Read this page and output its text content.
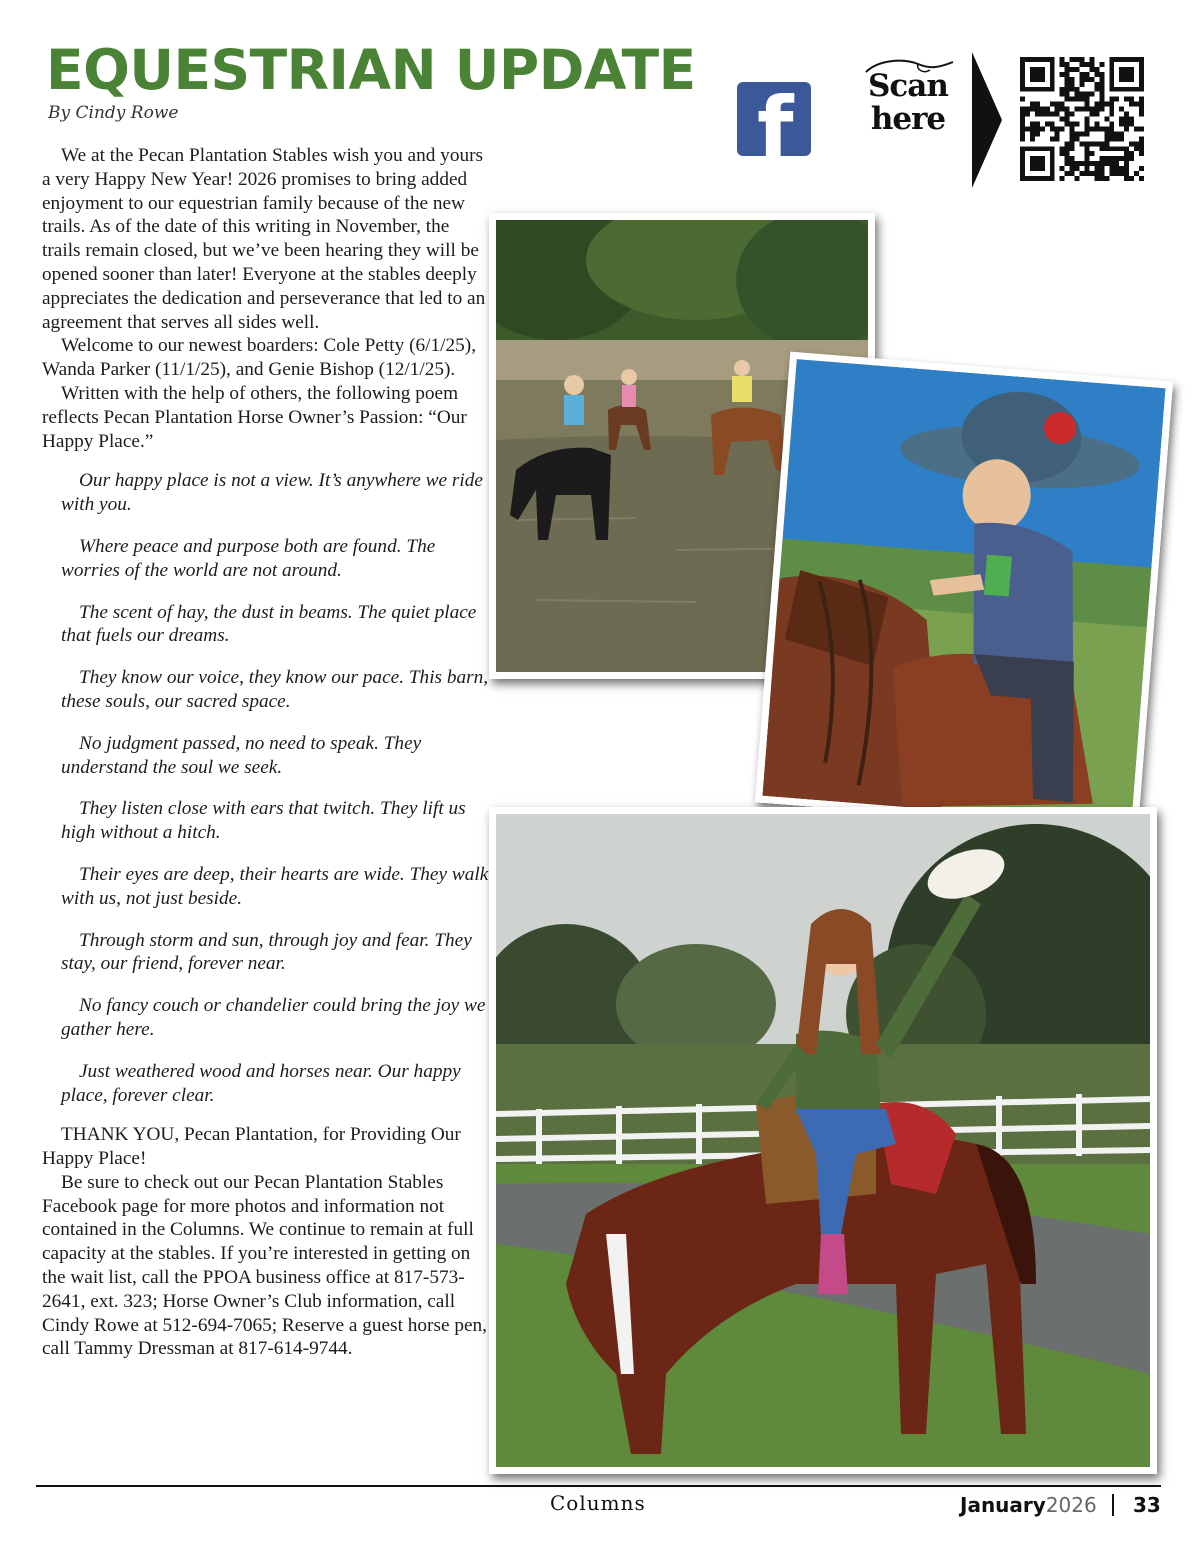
EQUESTRIAN UPDATE
By Cindy Rowe	f	Scan
here

We at the Pecan Plantation Stables wish you and yours a very Happy New Year! 2026 promises to bring added enjoyment to our equestrian family because of the new trails. As of the date of this writing in November, the trails remain closed, but we’ve been hearing they will be opened sooner than later! Everyone at the stables deeply appreciates the dedication and perseverance that led to an agreement that serves all sides well.

Welcome to our newest boarders: Cole Petty (6/1/25), Wanda Parker (11/1/25), and Genie Bishop (12/1/25).

Written with the help of others, the following poem reflects Pecan Plantation Horse Owner’s Passion: “Our Happy Place.”

Our happy place is not a view. It’s anywhere we ride with you.

Where peace and purpose both are found. The worries of the world are not around.

The scent of hay, the dust in beams. The quiet place that fuels our dreams.

They know our voice, they know our pace. This barn, these souls, our sacred space.

No judgment passed, no need to speak. They understand the soul we seek.

They listen close with ears that twitch. They lift us high without a hitch.

Their eyes are deep, their hearts are wide. They walk with us, not just beside.

Through storm and sun, through joy and fear. They stay, our friend, forever near.

No fancy couch or chandelier could bring the joy we gather here.

Just weathered wood and horses near. Our happy place, forever clear.

THANK YOU, Pecan Plantation, for Providing Our Happy Place!

Be sure to check out our Pecan Plantation Stables Facebook page for more photos and information not contained in the Columns. We continue to remain at full capacity at the stables. If you’re interested in getting on the wait list, call the PPOA business office at 817-573-2641, ext. 323; Horse Owner’s Club information, call Cindy Rowe at 512-694-7065; Reserve a guest horse pen, call Tammy Dressman at 817-614-9744.

Columns	January2026 33
